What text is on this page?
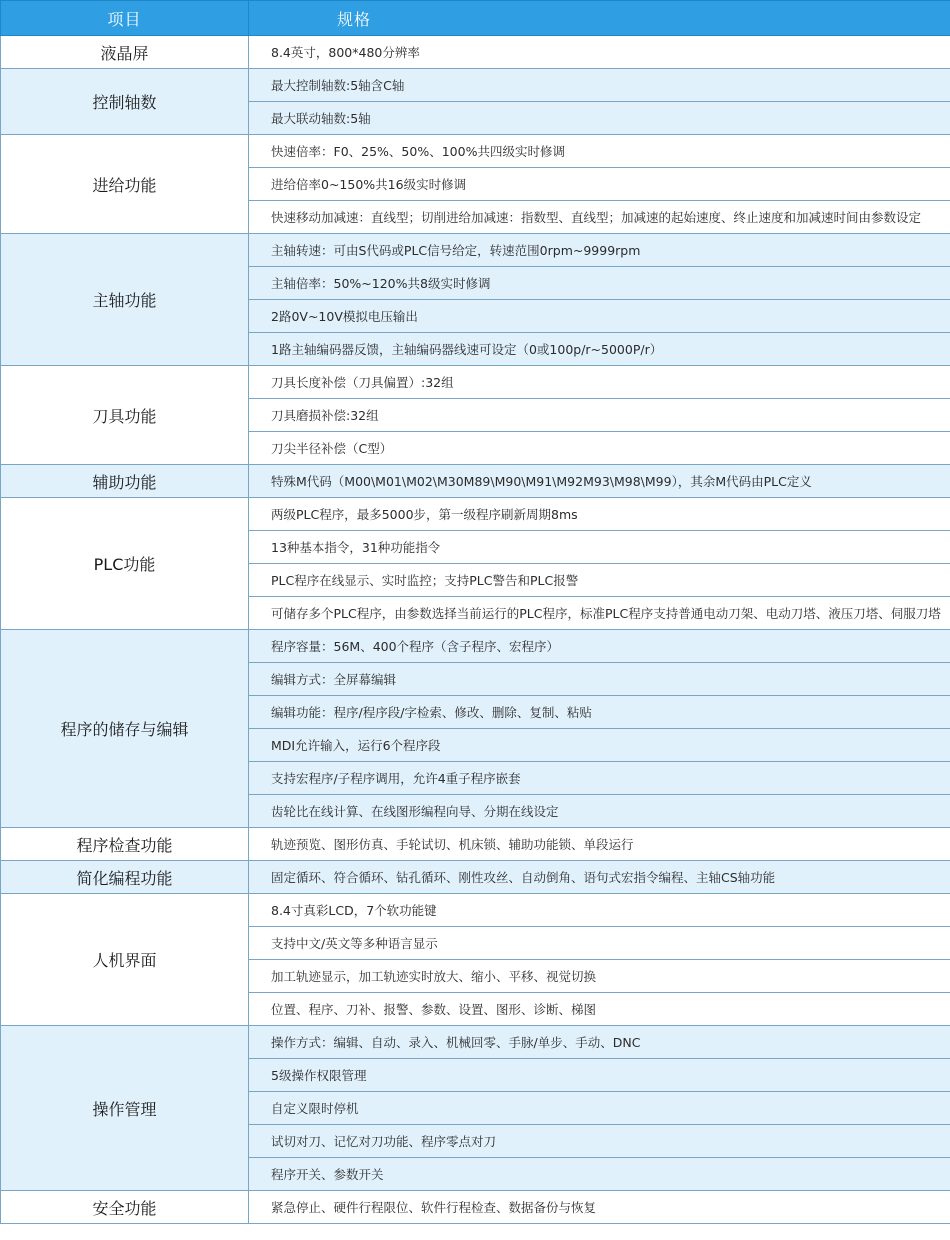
项目	规格
液晶屏	8.4英寸，800*480分辨率
控制轴数	最大控制轴数:5轴含C轴
	最大联动轴数:5轴
进给功能	快速倍率：F0、25%、50%、100%共四级实时修调
	进给倍率0~150%共16级实时修调
	快速移动加减速：直线型；切削进给加减速：指数型、直线型；加减速的起始速度、终止速度和加减速时间由参数设定
主轴功能	主轴转速：可由S代码或PLC信号给定，转速范围0rpm~9999rpm
	主轴倍率：50%~120%共8级实时修调
	2路0V~10V模拟电压输出
	1路主轴编码器反馈，主轴编码器线速可设定（0或100p/r~5000P/r）
刀具功能	刀具长度补偿（刀具偏置）:32组
	刀具磨损补偿:32组
	刀尖半径补偿（C型）
辅助功能	特殊M代码（M00\M01\M02\M30M89\M90\M91\M92M93\M98\M99），其余M代码由PLC定义
PLC功能	两级PLC程序，最多5000步，第一级程序刷新周期8ms
	13种基本指令，31种功能指令
	PLC程序在线显示、实时监控；支持PLC警告和PLC报警
	可储存多个PLC程序，由参数选择当前运行的PLC程序，标准PLC程序支持普通电动刀架、电动刀塔、液压刀塔、伺服刀塔
程序的储存与编辑	程序容量：56M、400个程序（含子程序、宏程序）
	编辑方式：全屏幕编辑
	编辑功能：程序/程序段/字检索、修改、删除、复制、粘贴
	MDI允许输入，运行6个程序段
	支持宏程序/子程序调用，允许4重子程序嵌套
	齿轮比在线计算、在线图形编程向导、分期在线设定
程序检查功能	轨迹预览、图形仿真、手轮试切、机床锁、辅助功能锁、单段运行
简化编程功能	固定循环、符合循环、钻孔循环、刚性攻丝、自动倒角、语句式宏指令编程、主轴CS轴功能
人机界面	8.4寸真彩LCD，7个软功能键
	支持中文/英文等多种语言显示
	加工轨迹显示，加工轨迹实时放大、缩小、平移、视觉切换
	位置、程序、刀补、报警、参数、设置、图形、诊断、梯图
操作管理	操作方式：编辑、自动、录入、机械回零、手脉/单步、手动、DNC
	5级操作权限管理
	自定义限时停机
	试切对刀、记忆对刀功能、程序零点对刀
	程序开关、参数开关
安全功能	紧急停止、硬件行程限位、软件行程检查、数据备份与恢复
